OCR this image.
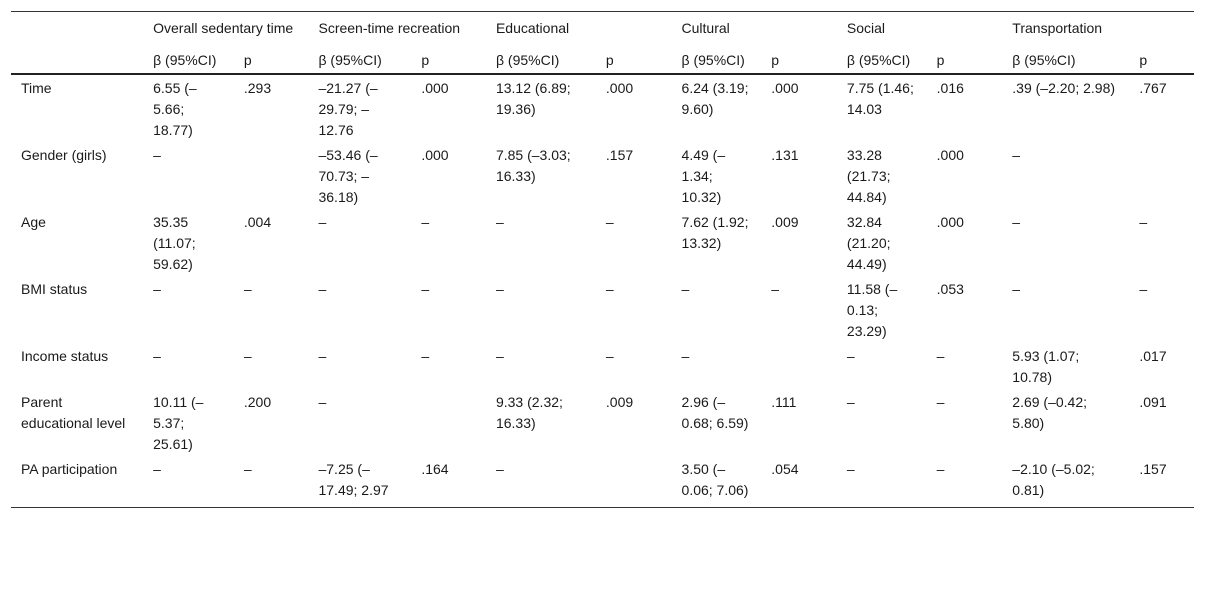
	Overall sedentary time		Screen-time recreation		Educational		Cultural		Social		Transportation	
	β (95%CI)	p	β (95%CI)	p	β (95%CI)	p	β (95%CI)	p	β (95%CI)	p	β (95%CI)	p
Time	6.55 (–5.66; 18.77)	.293	–21.27 (–29.79; –12.76	.000	13.12 (6.89; 19.36)	.000	6.24 (3.19; 9.60)	.000	7.75 (1.46; 14.03	.016	.39 (–2.20; 2.98)	.767
Gender (girls)	–		–53.46 (–70.73; –36.18)	.000	7.85 (–3.03; 16.33)	.157	4.49 (–1.34; 10.32)	.131	33.28 (21.73; 44.84)	.000	–	
Age	35.35 (11.07; 59.62)	.004	–	–	–	–	7.62 (1.92; 13.32)	.009	32.84 (21.20; 44.49)	.000	–	–
BMI status	–	–	–	–	–	–	–	–	11.58 (–0.13; 23.29)	.053	–	–
Income status	–	–	–	–	–	–	–		–	–	5.93 (1.07; 10.78)	.017
Parent educational level	10.11 (–5.37; 25.61)	.200	–		9.33 (2.32; 16.33)	.009	2.96 (–0.68; 6.59)	.111	–	–	2.69 (–0.42; 5.80)	.091
PA participation	–	–	–7.25 (–17.49; 2.97	.164	–		3.50 (–0.06; 7.06)	.054	–	–	–2.10 (–5.02; 0.81)	.157
